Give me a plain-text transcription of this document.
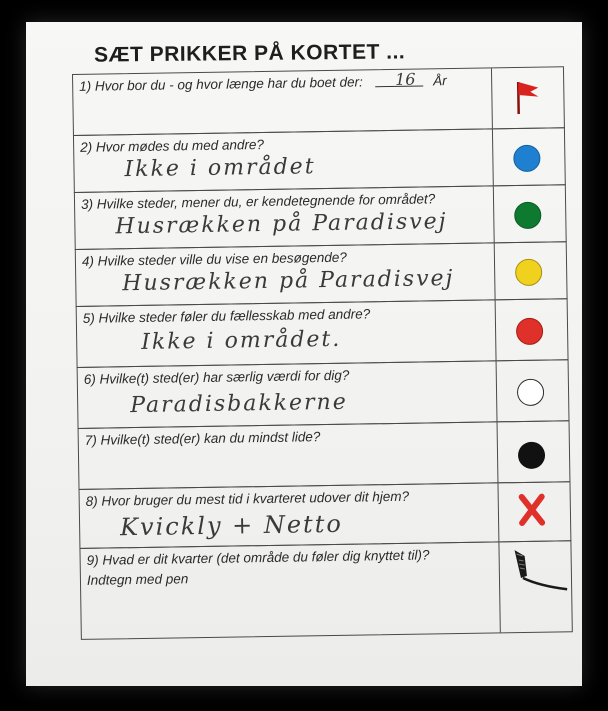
SÆT PRIKKER PÅ KORTET ...
1) Hvor bor du - og hvor længe har du boet der: 16 År
2) Hvor mødes du med andre?
Ikke i området
3) Hvilke steder, mener du, er kendetegnende for området?
Husrækken på Paradisvej
4) Hvilke steder ville du vise en besøgende?
Husrækken på Paradisvej
5) Hvilke steder føler du fællesskab med andre?
Ikke i området.
6) Hvilke(t) sted(er) har særlig værdi for dig?
Paradisbakkerne
7) Hvilke(t) sted(er) kan du mindst lide?
8) Hvor bruger du mest tid i kvarteret udover dit hjem?
Kvickly + Netto
9) Hvad er dit kvarter (det område du føler dig knyttet til)?
Indtegn med pen
